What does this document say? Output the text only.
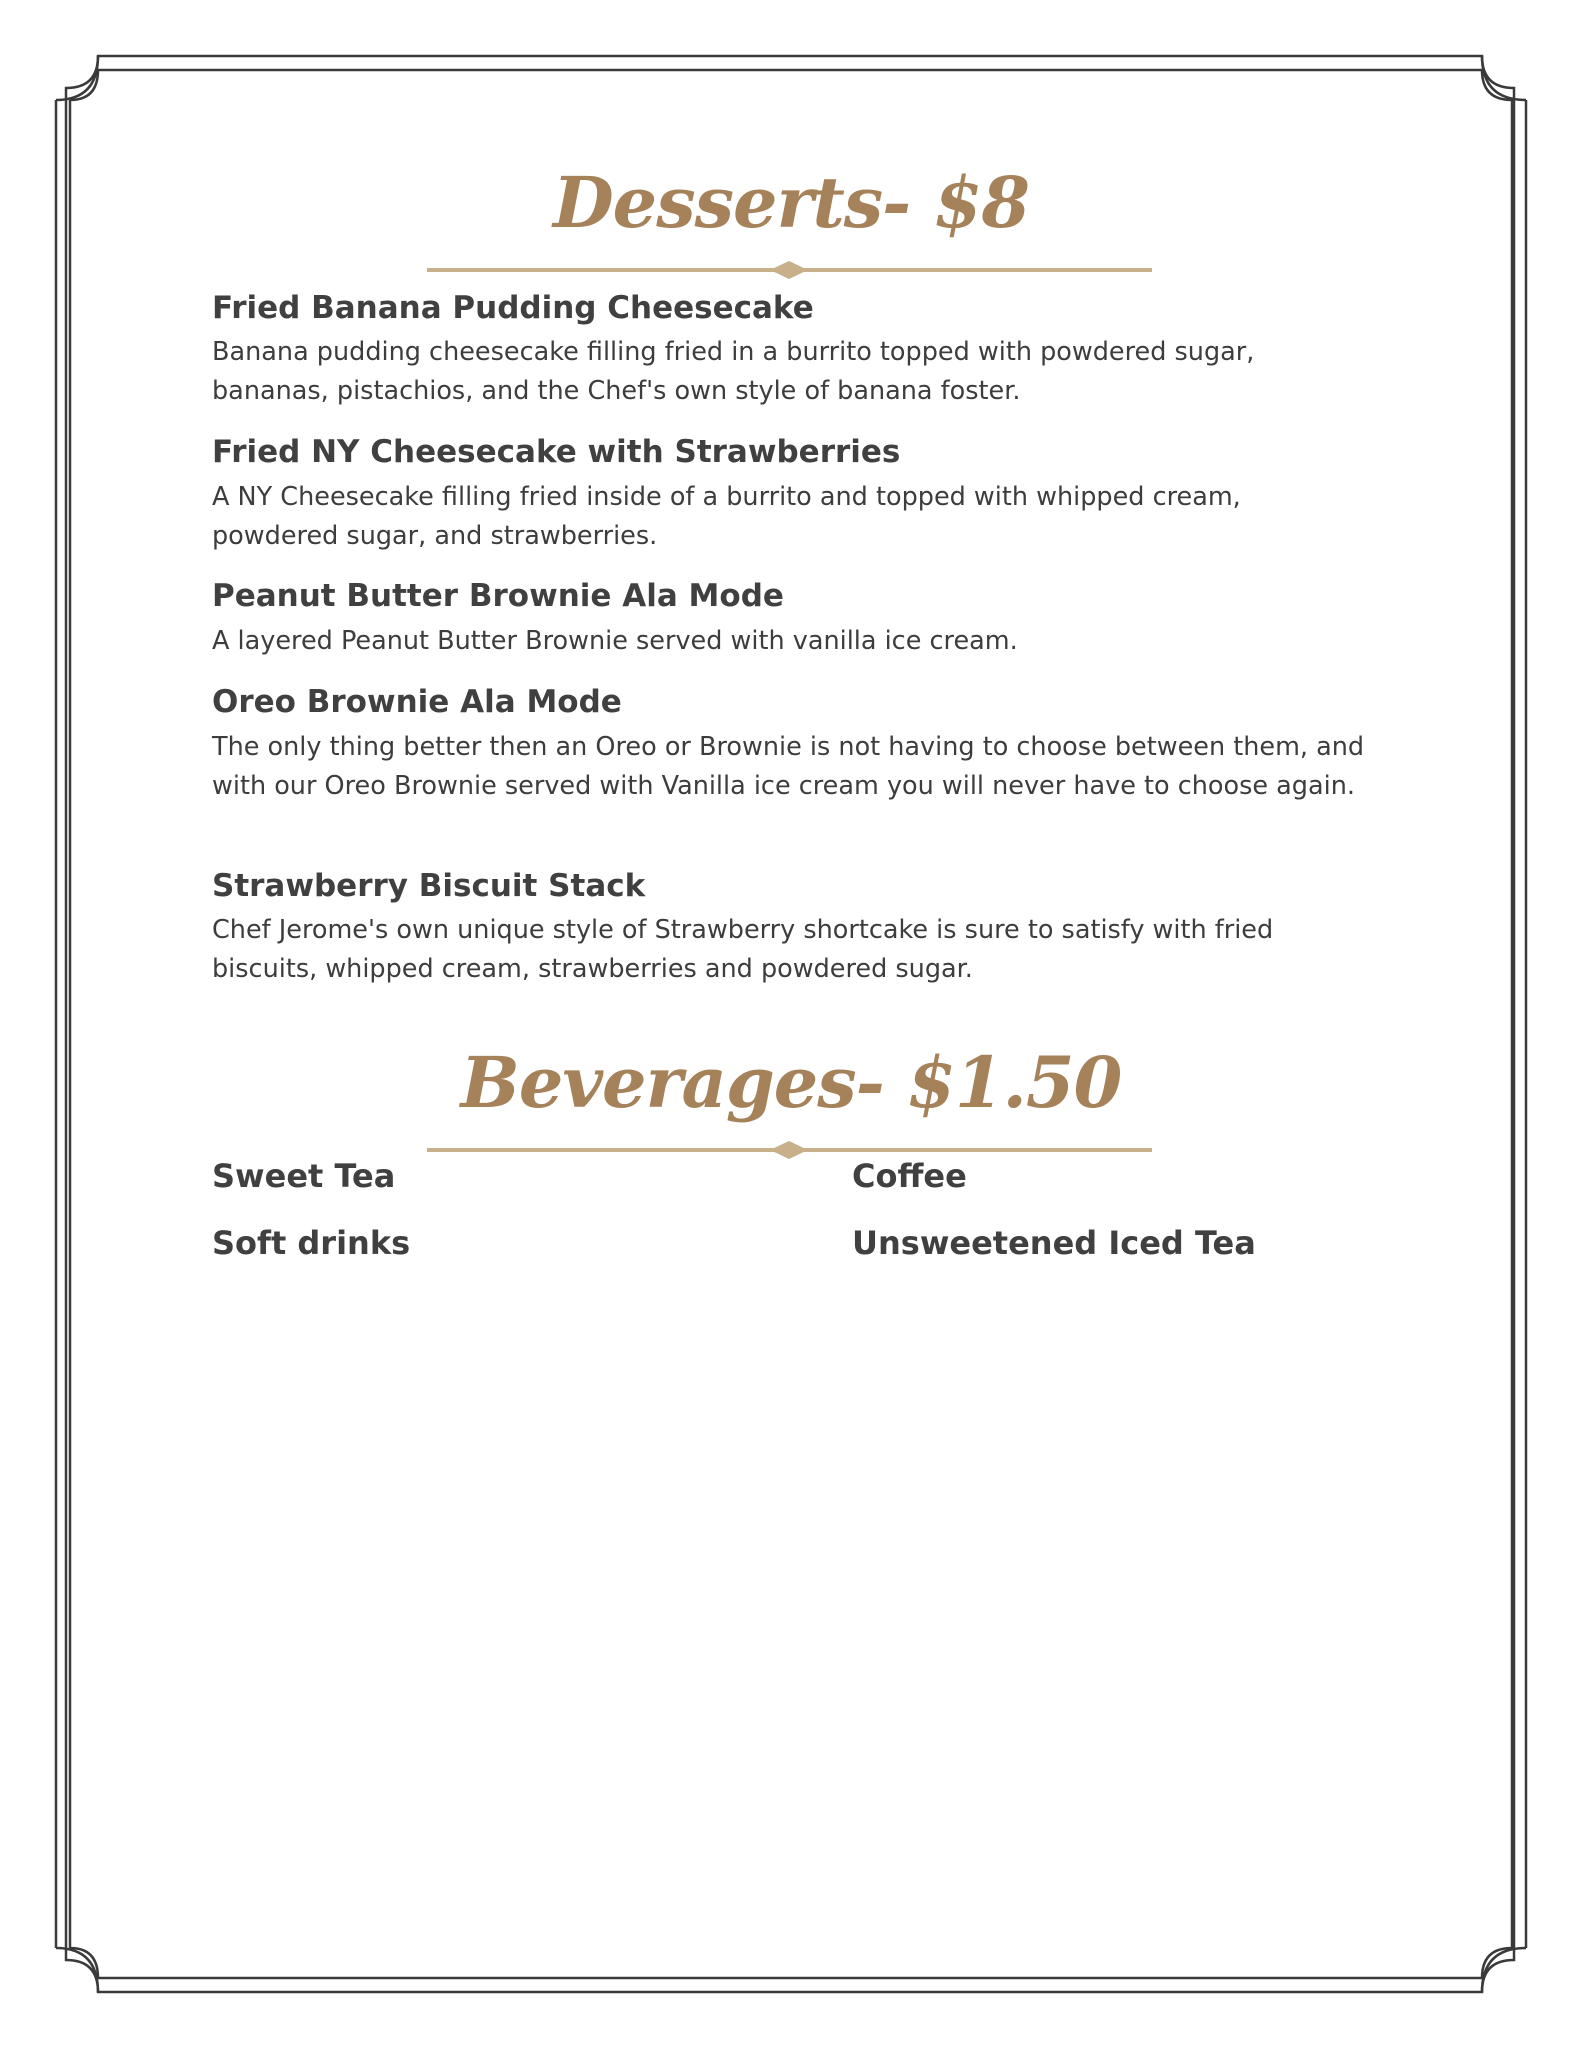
Desserts- $8
Fried Banana Pudding Cheesecake

Banana pudding cheesecake filling fried in a burrito topped with powdered sugar, bananas, pistachios, and the Chef's own style of banana foster.

Fried NY Cheesecake with Strawberries

A NY Cheesecake filling fried inside of a burrito and topped with whipped cream, powdered sugar, and strawberries.

Peanut Butter Brownie Ala Mode

A layered Peanut Butter Brownie served with vanilla ice cream.

Oreo Brownie Ala Mode

The only thing better then an Oreo or Brownie is not having to choose between them, and with our Oreo Brownie served with Vanilla ice cream you will never have to choose again.

Strawberry Biscuit Stack

Chef Jerome's own unique style of Strawberry shortcake is sure to satisfy with fried biscuits, whipped cream, strawberries and powdered sugar.

Beverages- $1.50

Sweet Tea	Coffee

Soft drinks	Unsweetened Iced Tea
